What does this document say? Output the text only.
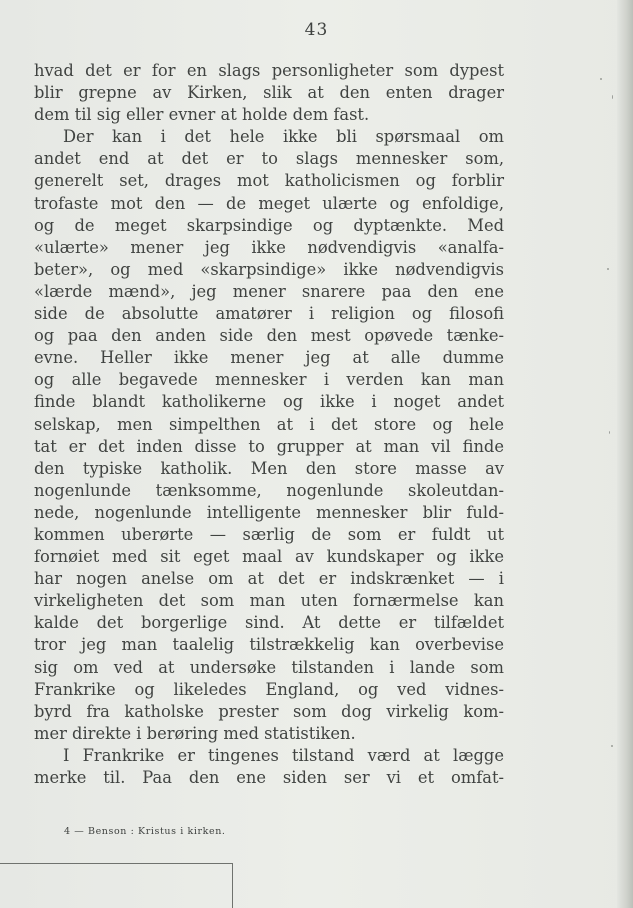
43
hvad det er for en slags personligheter som dypest
blir grepne av Kirken, slik at den enten drager
dem til sig eller evner at holde dem fast.
Der kan i det hele ikke bli spørsmaal om
andet end at det er to slags mennesker som,
generelt set, drages mot katholicismen og forblir
trofaste mot den — de meget ulærte og enfoldige,
og de meget skarpsindige og dyptænkte. Med
«ulærte» mener jeg ikke nødvendigvis «analfa-
beter», og med «skarpsindige» ikke nødvendigvis
«lærde mænd», jeg mener snarere paa den ene
side de absolutte amatører i religion og filosofi
og paa den anden side den mest opøvede tænke-
evne. Heller ikke mener jeg at alle dumme
og alle begavede mennesker i verden kan man
finde blandt katholikerne og ikke i noget andet
selskap, men simpelthen at i det store og hele
tat er det inden disse to grupper at man vil finde
den typiske katholik. Men den store masse av
nogenlunde tænksomme, nogenlunde skoleutdan-
nede, nogenlunde intelligente mennesker blir fuld-
kommen uberørte — særlig de som er fuldt ut
fornøiet med sit eget maal av kundskaper og ikke
har nogen anelse om at det er indskrænket — i
virkeligheten det som man uten fornærmelse kan
kalde det borgerlige sind. At dette er tilfældet
tror jeg man taalelig tilstrækkelig kan overbevise
sig om ved at undersøke tilstanden i lande som
Frankrike og likeledes England, og ved vidnes-
byrd fra katholske prester som dog virkelig kom-
mer direkte i berøring med statistiken.
I Frankrike er tingenes tilstand værd at lægge
merke til. Paa den ene siden ser vi et omfat-
4 — Benson : Kristus i kirken.
